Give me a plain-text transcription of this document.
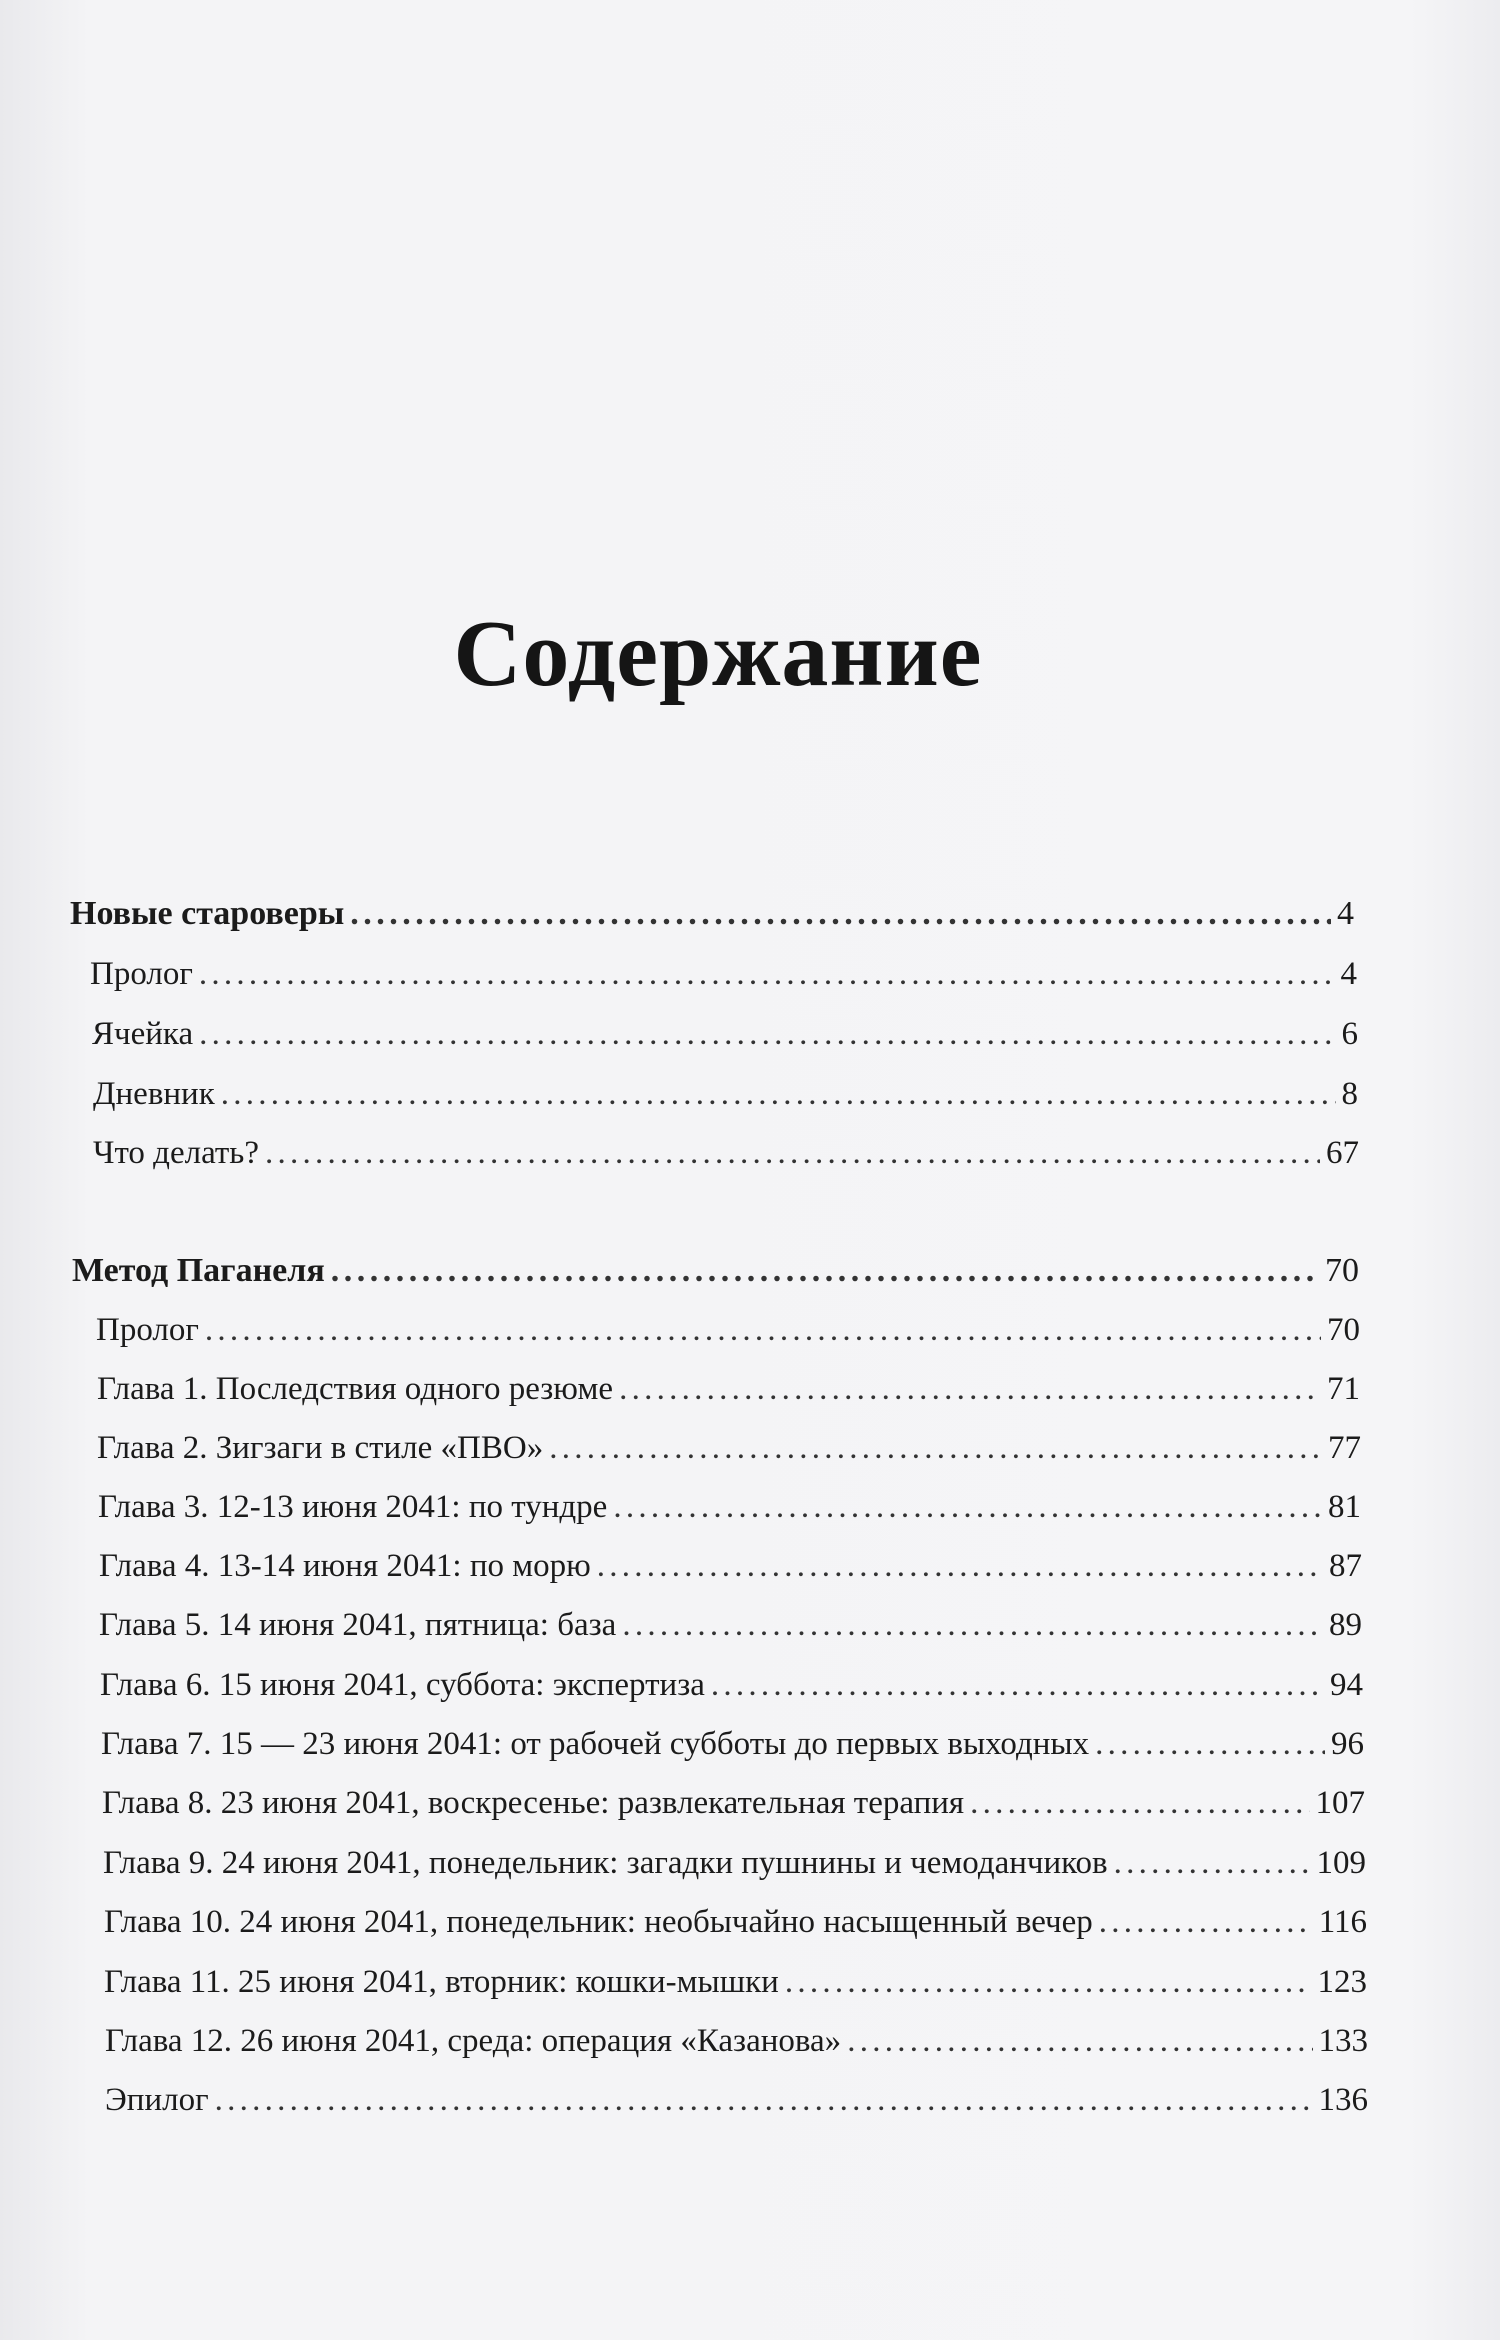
Содержание
Новые староверы . . .	4
Пролог . . .	4
Ячейка . . .	6
Дневник . . .	8
Что делать? . . .	67
Метод Паганеля . . .	70
Пролог . . .	70
Глава 1. Последствия одного резюме . . .	71
Глава 2. Зигзаги в стиле «ПВО» . . .	77
Глава 3. 12-13 июня 2041: по тундре . . .	81
Глава 4. 13-14 июня 2041: по морю . . .	87
Глава 5. 14 июня 2041, пятница: база . . .	89
Глава 6. 15 июня 2041, суббота: экспертиза . . .	94
Глава 7. 15 — 23 июня 2041: от рабочей субботы до первых выходных . . .	96
Глава 8. 23 июня 2041, воскресенье: развлекательная терапия . . .	107
Глава 9. 24 июня 2041, понедельник: загадки пушнины и чемоданчиков . . .	109
Глава 10. 24 июня 2041, понедельник: необычайно насыщенный вечер . . .	116
Глава 11. 25 июня 2041, вторник: кошки-мышки . . .	123
Глава 12. 26 июня 2041, среда: операция «Казанова» . . .	133
Эпилог . . .	136
